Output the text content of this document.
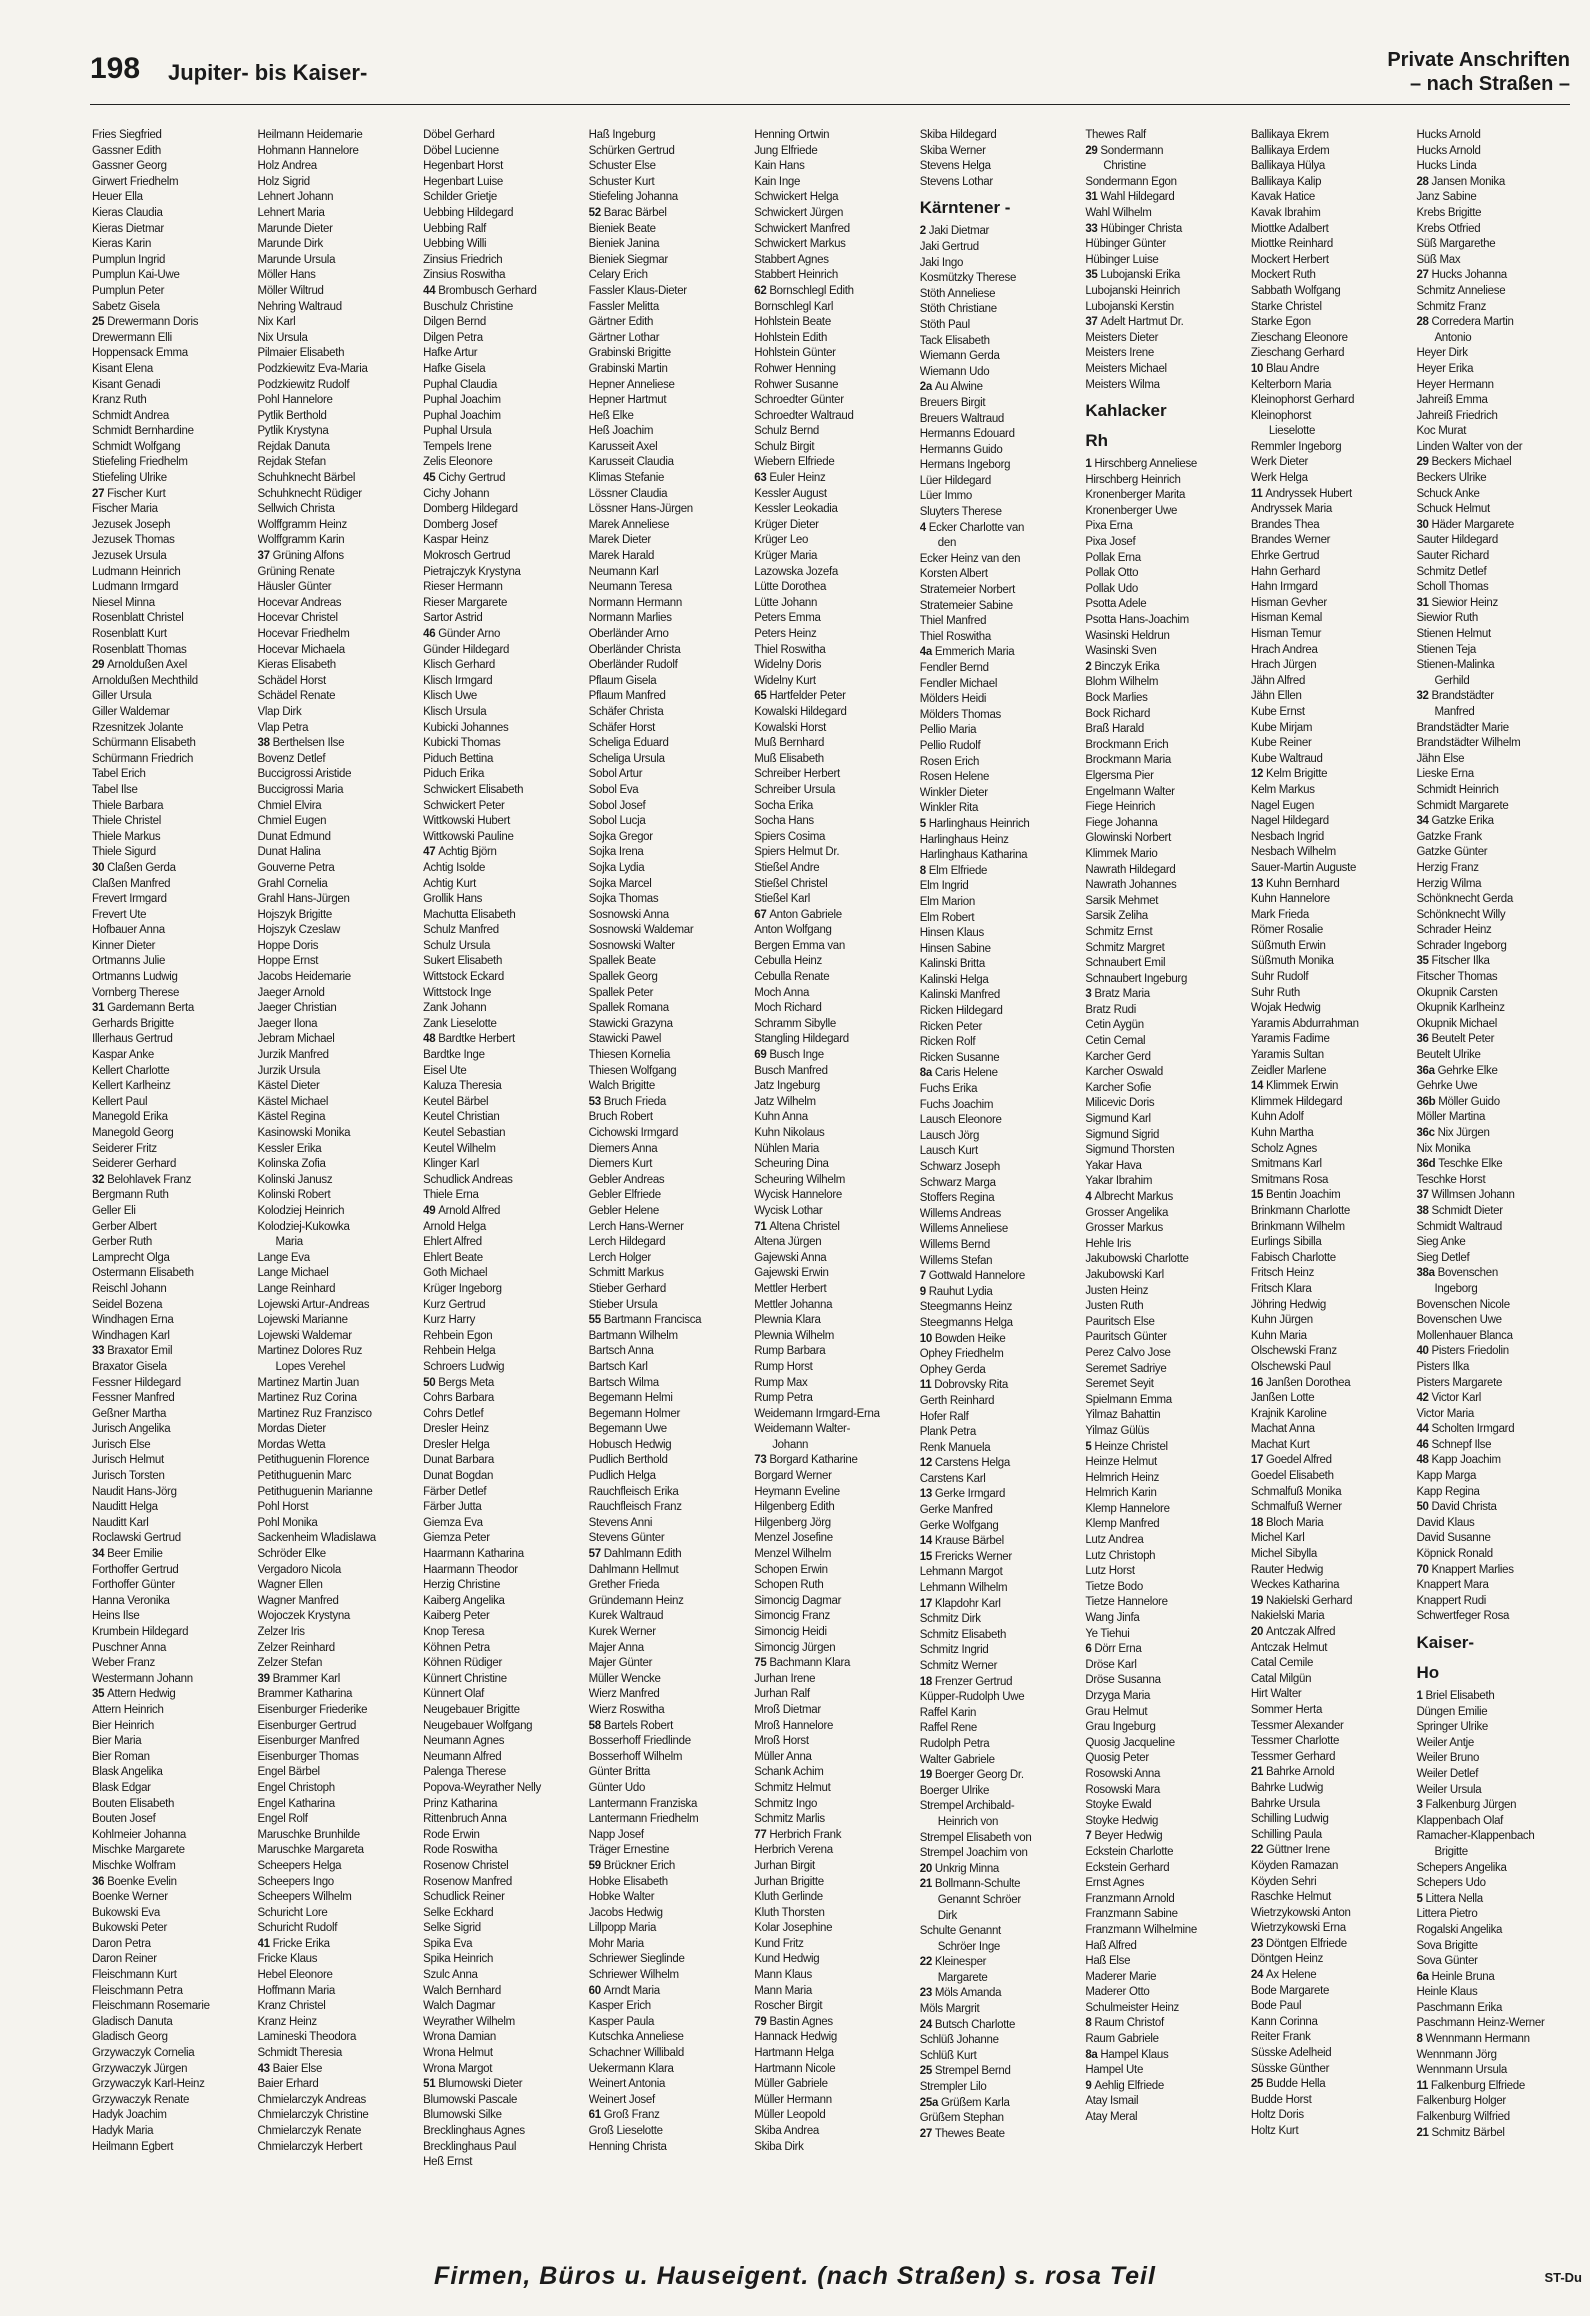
198 Jupiter- bis Kaiser-	Private Anschriften
– nach Straßen –
Fries Siegfried
Gassner Edith
Gassner Georg
Girwert Friedhelm
Heuer Ella
Kieras Claudia
Kieras Dietmar
Kieras Karin
Pumplun Ingrid
Pumplun Kai-Uwe
Pumplun Peter
Sabetz Gisela
25 Drewermann Doris
Drewermann Elli
Hoppensack Emma
Kisant Elena
Kisant Genadi
Kranz Ruth
Schmidt Andrea
Schmidt Bernhardine
Schmidt Wolfgang
Stiefeling Friedhelm
Stiefeling Ulrike
27 Fischer Kurt
Fischer Maria
Jezusek Joseph
Jezusek Thomas
Jezusek Ursula
Ludmann Heinrich
Ludmann Irmgard
Niesel Minna
Rosenblatt Christel
Rosenblatt Kurt
Rosenblatt Thomas
29 Arnoldußen Axel
Arnoldußen Mechthild
Giller Ursula
Giller Waldemar
Rzesnitzek Jolante
Schürmann Elisabeth
Schürmann Friedrich
Tabel Erich
Tabel Ilse
Thiele Barbara
Thiele Christel
Thiele Markus
Thiele Sigurd
30 Claßen Gerda
Claßen Manfred
Frevert Irmgard
Frevert Ute
Hofbauer Anna
Kinner Dieter
Ortmanns Julie
Ortmanns Ludwig
Vornberg Therese
31 Gardemann Berta
Gerhards Brigitte
Illerhaus Gertrud
Kaspar Anke
Kellert Charlotte
Kellert Karlheinz
Kellert Paul
Manegold Erika
Manegold Georg
Seiderer Fritz
Seiderer Gerhard
32 Belohlavek Franz
Bergmann Ruth
Geller Eli
Gerber Albert
Gerber Ruth
Lamprecht Olga
Ostermann Elisabeth
Reischl Johann
Seidel Bozena
Windhagen Erna
Windhagen Karl
33 Braxator Emil
Braxator Gisela
Fessner Hildegard
Fessner Manfred
Geßner Martha
Jurisch Angelika
Jurisch Else
Jurisch Helmut
Jurisch Torsten
Naudit Hans-Jörg
Nauditt Helga
Nauditt Karl
Roclawski Gertrud
34 Beer Emilie
Forthoffer Gertrud
Forthoffer Günter
Hanna Veronika
Heins Ilse
Krumbein Hildegard
Puschner Anna
Weber Franz
Westermann Johann
35 Attern Hedwig
Attern Heinrich
Bier Heinrich
Bier Maria
Bier Roman
Blask Angelika
Blask Edgar
Bouten Elisabeth
Bouten Josef
Kohlmeier Johanna
Mischke Margarete
Mischke Wolfram
36 Boenke Evelin
Boenke Werner
Bukowski Eva
Bukowski Peter
Daron Petra
Daron Reiner
Fleischmann Kurt
Fleischmann Petra
Fleischmann Rosemarie
Gladisch Danuta
Gladisch Georg
Grzywaczyk Cornelia
Grzywaczyk Jürgen
Grzywaczyk Karl-Heinz
Grzywaczyk Renate
Hadyk Joachim
Hadyk Maria
Heilmann Egbert
Heilmann Heidemarie
Hohmann Hannelore
Holz Andrea
Holz Sigrid
Lehnert Johann
Lehnert Maria
Marunde Dieter
Marunde Dirk
Marunde Ursula
Möller Hans
Möller Wiltrud
Nehring Waltraud
Nix Karl
Nix Ursula
Pilmaier Elisabeth
Podzkiewitz Eva-Maria
Podzkiewitz Rudolf
Pohl Hannelore
Pytlik Berthold
Pytlik Krystyna
Rejdak Danuta
Rejdak Stefan
Schuhknecht Bärbel
Schuhknecht Rüdiger
Sellwich Christa
Wolffgramm Heinz
Wolffgramm Karin
37 Grüning Alfons
Grüning Renate
Häusler Günter
Hocevar Andreas
Hocevar Christel
Hocevar Friedhelm
Hocevar Michaela
Kieras Elisabeth
Schädel Horst
Schädel Renate
Vlap Dirk
Vlap Petra
38 Berthelsen Ilse
Bovenz Detlef
Buccigrossi Aristide
Buccigrossi Maria
Chmiel Elvira
Chmiel Eugen
Dunat Edmund
Dunat Halina
Gouverne Petra
Grahl Cornelia
Grahl Hans-Jürgen
Hojszyk Brigitte
Hojszyk Czeslaw
Hoppe Doris
Hoppe Ernst
Jacobs Heidemarie
Jaeger Arnold
Jaeger Christian
Jaeger Ilona
Jebram Michael
Jurzik Manfred
Jurzik Ursula
Kästel Dieter
Kästel Michael
Kästel Regina
Kasinowski Monika
Kessler Erika
Kolinska Zofia
Kolinski Janusz
Kolinski Robert
Kolodziej Heinrich
Kolodziej-Kukowka
Maria
Lange Eva
Lange Michael
Lange Reinhard
Lojewski Artur-Andreas
Lojewski Marianne
Lojewski Waldemar
Martinez Dolores Ruz
Lopes Verehel
Martinez Martin Juan
Martinez Ruz Corina
Martinez Ruz Franzisco
Mordas Dieter
Mordas Wetta
Petithuguenin Florence
Petithuguenin Marc
Petithuguenin Marianne
Pohl Horst
Pohl Monika
Sackenheim Wladislawa
Schröder Elke
Vergadoro Nicola
Wagner Ellen
Wagner Manfred
Wojoczek Krystyna
Zelzer Iris
Zelzer Reinhard
Zelzer Stefan
39 Brammer Karl
Brammer Katharina
Eisenburger Friederike
Eisenburger Gertrud
Eisenburger Manfred
Eisenburger Thomas
Engel Bärbel
Engel Christoph
Engel Katharina
Engel Rolf
Maruschke Brunhilde
Maruschke Margareta
Scheepers Helga
Scheepers Ingo
Scheepers Wilhelm
Schuricht Lore
Schuricht Rudolf
41 Fricke Erika
Fricke Klaus
Hebel Eleonore
Hoffmann Maria
Kranz Christel
Kranz Heinz
Lamineski Theodora
Schmidt Theresia
43 Baier Else
Baier Erhard
Chmielarczyk Andreas
Chmielarczyk Christine
Chmielarczyk Renate
Chmielarczyk Herbert
Döbel Gerhard
Döbel Lucienne
Hegenbart Horst
Hegenbart Luise
Schilder Grietje
Uebbing Hildegard
Uebbing Ralf
Uebbing Willi
Zinsius Friedrich
Zinsius Roswitha
44 Brombusch Gerhard
Buschulz Christine
Dilgen Bernd
Dilgen Petra
Hafke Artur
Hafke Gisela
Puphal Claudia
Puphal Joachim
Puphal Joachim
Puphal Ursula
Tempels Irene
Zelis Eleonore
45 Cichy Gertrud
Cichy Johann
Domberg Hildegard
Domberg Josef
Kaspar Heinz
Mokrosch Gertrud
Pietrajczyk Krystyna
Rieser Hermann
Rieser Margarete
Sartor Astrid
46 Günder Arno
Günder Hildegard
Klisch Gerhard
Klisch Irmgard
Klisch Uwe
Klisch Ursula
Kubicki Johannes
Kubicki Thomas
Piduch Bettina
Piduch Erika
Schwickert Elisabeth
Schwickert Peter
Wittkowski Hubert
Wittkowski Pauline
47 Achtig Björn
Achtig Isolde
Achtig Kurt
Grollik Hans
Machutta Elisabeth
Schulz Manfred
Schulz Ursula
Sukert Elisabeth
Wittstock Eckard
Wittstock Inge
Zank Johann
Zank Lieselotte
48 Bardtke Herbert
Bardtke Inge
Eisel Ute
Kaluza Theresia
Keutel Bärbel
Keutel Christian
Keutel Sebastian
Keutel Wilhelm
Klinger Karl
Schudlick Andreas
Thiele Erna
49 Arnold Alfred
Arnold Helga
Ehlert Alfred
Ehlert Beate
Goth Michael
Krüger Ingeborg
Kurz Gertrud
Kurz Harry
Rehbein Egon
Rehbein Helga
Schroers Ludwig
50 Bergs Meta
Cohrs Barbara
Cohrs Detlef
Dresler Heinz
Dresler Helga
Dunat Barbara
Dunat Bogdan
Färber Detlef
Färber Jutta
Giemza Eva
Giemza Peter
Haarmann Katharina
Haarmann Theodor
Herzig Christine
Kaiberg Angelika
Kaiberg Peter
Knop Teresa
Köhnen Petra
Köhnen Rüdiger
Künnert Christine
Künnert Olaf
Neugebauer Brigitte
Neugebauer Wolfgang
Neumann Agnes
Neumann Alfred
Palenga Therese
Popova-Weyrather Nelly
Prinz Katharina
Rittenbruch Anna
Rode Erwin
Rode Roswitha
Rosenow Christel
Rosenow Manfred
Schudlick Reiner
Selke Eckhard
Selke Sigrid
Spika Eva
Spika Heinrich
Szulc Anna
Walch Bernhard
Walch Dagmar
Weyrather Wilhelm
Wrona Damian
Wrona Helmut
Wrona Margot
51 Blumowski Dieter
Blumowski Pascale
Blumowski Silke
Brecklinghaus Agnes
Brecklinghaus Paul
Heß Ernst
Haß Ingeburg
Schürken Gertrud
Schuster Else
Schuster Kurt
Stiefeling Johanna
52 Barac Bärbel
Bieniek Beate
Bieniek Janina
Bieniek Siegmar
Celary Erich
Fassler Klaus-Dieter
Fassler Melitta
Gärtner Edith
Gärtner Lothar
Grabinski Brigitte
Grabinski Martin
Hepner Anneliese
Hepner Hartmut
Heß Elke
Heß Joachim
Karusseit Axel
Karusseit Claudia
Klimas Stefanie
Lössner Claudia
Lössner Hans-Jürgen
Marek Anneliese
Marek Dieter
Marek Harald
Neumann Karl
Neumann Teresa
Normann Hermann
Normann Marlies
Oberländer Arno
Oberländer Christa
Oberländer Rudolf
Pflaum Gisela
Pflaum Manfred
Schäfer Christa
Schäfer Horst
Scheliga Eduard
Scheliga Ursula
Sobol Artur
Sobol Eva
Sobol Josef
Sobol Lucja
Sojka Gregor
Sojka Irena
Sojka Lydia
Sojka Marcel
Sojka Thomas
Sosnowski Anna
Sosnowski Waldemar
Sosnowski Walter
Spallek Beate
Spallek Georg
Spallek Peter
Spallek Romana
Stawicki Grazyna
Stawicki Pawel
Thiesen Kornelia
Thiesen Wolfgang
Walch Brigitte
53 Bruch Frieda
Bruch Robert
Cichowski Irmgard
Diemers Anna
Diemers Kurt
Gebler Andreas
Gebler Elfriede
Gebler Helene
Lerch Hans-Werner
Lerch Hildegard
Lerch Holger
Schmitt Markus
Stieber Gerhard
Stieber Ursula
55 Bartmann Francisca
Bartmann Wilhelm
Bartsch Anna
Bartsch Karl
Bartsch Wilma
Begemann Helmi
Begemann Holmer
Begemann Uwe
Hobusch Hedwig
Pudlich Berthold
Pudlich Helga
Rauchfleisch Erika
Rauchfleisch Franz
Stevens Anni
Stevens Günter
57 Dahlmann Edith
Dahlmann Hellmut
Grether Frieda
Gründemann Heinz
Kurek Waltraud
Kurek Werner
Majer Anna
Majer Günter
Müller Wencke
Wierz Manfred
Wierz Roswitha
58 Bartels Robert
Bosserhoff Friedlinde
Bosserhoff Wilhelm
Günter Britta
Günter Udo
Lantermann Franziska
Lantermann Friedhelm
Napp Josef
Träger Ernestine
59 Brückner Erich
Hobke Elisabeth
Hobke Walter
Jacobs Hedwig
Lillpopp Maria
Mohr Maria
Schriewer Sieglinde
Schriewer Wilhelm
60 Arndt Maria
Kasper Erich
Kasper Paula
Kutschka Anneliese
Schachner Willibald
Uekermann Klara
Weinert Antonia
Weinert Josef
61 Groß Franz
Groß Lieselotte
Henning Christa
Henning Ortwin
Jung Elfriede
Kain Hans
Kain Inge
Schwickert Helga
Schwickert Jürgen
Schwickert Manfred
Schwickert Markus
Stabbert Agnes
Stabbert Heinrich
62 Bornschlegl Edith
Bornschlegl Karl
Hohlstein Beate
Hohlstein Edith
Hohlstein Günter
Rohwer Henning
Rohwer Susanne
Schroedter Günter
Schroedter Waltraud
Schulz Bernd
Schulz Birgit
Wiebern Elfriede
63 Euler Heinz
Kessler August
Kessler Leokadia
Krüger Dieter
Krüger Leo
Krüger Maria
Lazowska Jozefa
Lütte Dorothea
Lütte Johann
Peters Emma
Peters Heinz
Thiel Roswitha
Widelny Doris
Widelny Kurt
65 Hartfelder Peter
Kowalski Hildegard
Kowalski Horst
Muß Bernhard
Muß Elisabeth
Schreiber Herbert
Schreiber Ursula
Socha Erika
Socha Hans
Spiers Cosima
Spiers Helmut Dr.
Stießel Andre
Stießel Christel
Stießel Karl
67 Anton Gabriele
Anton Wolfgang
Bergen Emma van
Cebulla Heinz
Cebulla Renate
Moch Anna
Moch Richard
Schramm Sibylle
Stangling Hildegard
69 Busch Inge
Busch Manfred
Jatz Ingeburg
Jatz Wilhelm
Kuhn Anna
Kuhn Nikolaus
Nühlen Maria
Scheuring Dina
Scheuring Wilhelm
Wycisk Hannelore
Wycisk Lothar
71 Altena Christel
Altena Jürgen
Gajewski Anna
Gajewski Erwin
Mettler Herbert
Mettler Johanna
Plewnia Klara
Plewnia Wilhelm
Rump Barbara
Rump Horst
Rump Max
Rump Petra
Weidemann Irmgard-Erna
Weidemann Walter-
Johann
73 Borgard Katharine
Borgard Werner
Heymann Eveline
Hilgenberg Edith
Hilgenberg Jörg
Menzel Josefine
Menzel Wilhelm
Schopen Erwin
Schopen Ruth
Simoncig Dagmar
Simoncig Franz
Simoncig Heidi
Simoncig Jürgen
75 Bachmann Klara
Jurhan Irene
Jurhan Ralf
Mroß Dietmar
Mroß Hannelore
Mroß Horst
Müller Anna
Schank Achim
Schmitz Helmut
Schmitz Ingo
Schmitz Marlis
77 Herbrich Frank
Herbrich Verena
Jurhan Birgit
Jurhan Brigitte
Kluth Gerlinde
Kluth Thorsten
Kolar Josephine
Kund Fritz
Kund Hedwig
Mann Klaus
Mann Maria
Roscher Birgit
79 Bastin Agnes
Hannack Hedwig
Hartmann Helga
Hartmann Nicole
Müller Gabriele
Müller Hermann
Müller Leopold
Skiba Andrea
Skiba Dirk
Skiba Hildegard
Skiba Werner
Stevens Helga
Stevens Lothar
Kärntener -
2 Jaki Dietmar
Jaki Gertrud
Jaki Ingo
Kosmützky Therese
Stöth Anneliese
Stöth Christiane
Stöth Paul
Tack Elisabeth
Wiemann Gerda
Wiemann Udo
2a Au Alwine
Breuers Birgit
Breuers Waltraud
Hermanns Edouard
Hermanns Guido
Hermans Ingeborg
Lüer Hildegard
Lüer Immo
Sluyters Therese
4 Ecker Charlotte van
den
Ecker Heinz van den
Korsten Albert
Stratemeier Norbert
Stratemeier Sabine
Thiel Manfred
Thiel Roswitha
4a Emmerich Maria
Fendler Bernd
Fendler Michael
Mölders Heidi
Mölders Thomas
Pellio Maria
Pellio Rudolf
Rosen Erich
Rosen Helene
Winkler Dieter
Winkler Rita
5 Harlinghaus Heinrich
Harlinghaus Heinz
Harlinghaus Katharina
8 Elm Elfriede
Elm Ingrid
Elm Marion
Elm Robert
Hinsen Klaus
Hinsen Sabine
Kalinski Britta
Kalinski Helga
Kalinski Manfred
Ricken Hildegard
Ricken Peter
Ricken Rolf
Ricken Susanne
8a Caris Helene
Fuchs Erika
Fuchs Joachim
Lausch Eleonore
Lausch Jörg
Lausch Kurt
Schwarz Joseph
Schwarz Marga
Stoffers Regina
Willems Andreas
Willems Anneliese
Willems Bernd
Willems Stefan
7 Gottwald Hannelore
9 Rauhut Lydia
Steegmanns Heinz
Steegmanns Helga
10 Bowden Heike
Ophey Friedhelm
Ophey Gerda
11 Dobrovsky Rita
Gerth Reinhard
Hofer Ralf
Plank Petra
Renk Manuela
12 Carstens Helga
Carstens Karl
13 Gerke Irmgard
Gerke Manfred
Gerke Wolfgang
14 Krause Bärbel
15 Frericks Werner
Lehmann Margot
Lehmann Wilhelm
17 Klapdohr Karl
Schmitz Dirk
Schmitz Elisabeth
Schmitz Ingrid
Schmitz Werner
18 Frenzer Gertrud
Küpper-Rudolph Uwe
Raffel Karin
Raffel Rene
Rudolph Petra
Walter Gabriele
19 Boerger Georg Dr.
Boerger Ulrike
Strempel Archibald-
Heinrich von
Strempel Elisabeth von
Strempel Joachim von
20 Unkrig Minna
21 Bollmann-Schulte
Genannt Schröer
Dirk
Schulte Genannt
Schröer Inge
22 Kleinesper
Margarete
23 Möls Amanda
Möls Margrit
24 Butsch Charlotte
Schlüß Johanne
Schlüß Kurt
25 Strempel Bernd
Strempler Lilo
25a Grüßem Karla
Grüßem Stephan
27 Thewes Beate
Thewes Ralf
29 Sondermann
Christine
Sondermann Egon
31 Wahl Hildegard
Wahl Wilhelm
33 Hübinger Christa
Hübinger Günter
Hübinger Luise
35 Lubojanski Erika
Lubojanski Heinrich
Lubojanski Kerstin
37 Adelt Hartmut Dr.
Meisters Dieter
Meisters Irene
Meisters Michael
Meisters Wilma
Kahlacker
Rh
1 Hirschberg Anneliese
Hirschberg Heinrich
Kronenberger Marita
Kronenberger Uwe
Pixa Erna
Pixa Josef
Pollak Erna
Pollak Otto
Pollak Udo
Psotta Adele
Psotta Hans-Joachim
Wasinski Heldrun
Wasinski Sven
2 Binczyk Erika
Blohm Wilhelm
Bock Marlies
Bock Richard
Braß Harald
Brockmann Erich
Brockmann Maria
Elgersma Pier
Engelmann Walter
Fiege Heinrich
Fiege Johanna
Glowinski Norbert
Klimmek Mario
Nawrath Hildegard
Nawrath Johannes
Sarsik Mehmet
Sarsik Zeliha
Schmitz Ernst
Schmitz Margret
Schnaubert Emil
Schnaubert Ingeburg
3 Bratz Maria
Bratz Rudi
Cetin Aygün
Cetin Cemal
Karcher Gerd
Karcher Oswald
Karcher Sofie
Milicevic Doris
Sigmund Karl
Sigmund Sigrid
Sigmund Thorsten
Yakar Hava
Yakar Ibrahim
4 Albrecht Markus
Grosser Angelika
Grosser Markus
Hehle Iris
Jakubowski Charlotte
Jakubowski Karl
Justen Heinz
Justen Ruth
Pauritsch Else
Pauritsch Günter
Perez Calvo Jose
Seremet Sadriye
Seremet Seyit
Spielmann Emma
Yilmaz Bahattin
Yilmaz Gülüs
5 Heinze Christel
Heinze Helmut
Helmrich Heinz
Helmrich Karin
Klemp Hannelore
Klemp Manfred
Lutz Andrea
Lutz Christoph
Lutz Horst
Tietze Bodo
Tietze Hannelore
Wang Jinfa
Ye Tiehui
6 Dörr Erna
Dröse Karl
Dröse Susanna
Drzyga Maria
Grau Helmut
Grau Ingeburg
Quosig Jacqueline
Quosig Peter
Rosowski Anna
Rosowski Mara
Stoyke Ewald
Stoyke Hedwig
7 Beyer Hedwig
Eckstein Charlotte
Eckstein Gerhard
Ernst Agnes
Franzmann Arnold
Franzmann Sabine
Franzmann Wilhelmine
Haß Alfred
Haß Else
Maderer Marie
Maderer Otto
Schulmeister Heinz
8 Raum Christof
Raum Gabriele
8a Hampel Klaus
Hampel Ute
9 Aehlig Elfriede
Atay Ismail
Atay Meral
Ballikaya Ekrem
Ballikaya Erdem
Ballikaya Hülya
Ballikaya Kalip
Kavak Hatice
Kavak Ibrahim
Miottke Adalbert
Miottke Reinhard
Mockert Herbert
Mockert Ruth
Sabbath Wolfgang
Starke Christel
Starke Egon
Zieschang Eleonore
Zieschang Gerhard
10 Blau Andre
Kelterborn Maria
Kleinophorst Gerhard
Kleinophorst
Lieselotte
Remmler Ingeborg
Werk Dieter
Werk Helga
11 Andryssek Hubert
Andryssek Maria
Brandes Thea
Brandes Werner
Ehrke Gertrud
Hahn Gerhard
Hahn Irmgard
Hisman Gevher
Hisman Kemal
Hisman Temur
Hrach Andrea
Hrach Jürgen
Jähn Alfred
Jähn Ellen
Kube Ernst
Kube Mirjam
Kube Reiner
Kube Waltraud
12 Kelm Brigitte
Kelm Markus
Nagel Eugen
Nagel Hildegard
Nesbach Ingrid
Nesbach Wilhelm
Sauer-Martin Auguste
13 Kuhn Bernhard
Kuhn Hannelore
Mark Frieda
Römer Rosalie
Süßmuth Erwin
Süßmuth Monika
Suhr Rudolf
Suhr Ruth
Wojak Hedwig
Yaramis Abdurrahman
Yaramis Fadime
Yaramis Sultan
Zeidler Marlene
14 Klimmek Erwin
Klimmek Hildegard
Kuhn Adolf
Kuhn Martha
Scholz Agnes
Smitmans Karl
Smitmans Rosa
15 Bentin Joachim
Brinkmann Charlotte
Brinkmann Wilhelm
Eurlings Sibilla
Fabisch Charlotte
Fritsch Heinz
Fritsch Klara
Jöhring Hedwig
Kuhn Jürgen
Kuhn Maria
Olschewski Franz
Olschewski Paul
16 Janßen Dorothea
Janßen Lotte
Krajnik Karoline
Machat Anna
Machat Kurt
17 Goedel Alfred
Goedel Elisabeth
Schmalfuß Monika
Schmalfuß Werner
18 Bloch Maria
Michel Karl
Michel Sibylla
Rauter Hedwig
Weckes Katharina
19 Nakielski Gerhard
Nakielski Maria
20 Antczak Alfred
Antczak Helmut
Catal Cemile
Catal Milgün
Hirt Walter
Sommer Herta
Tessmer Alexander
Tessmer Charlotte
Tessmer Gerhard
21 Bahrke Arnold
Bahrke Ludwig
Bahrke Ursula
Schilling Ludwig
Schilling Paula
22 Güttner Irene
Köyden Ramazan
Köyden Sehri
Raschke Helmut
Wietrzykowski Anton
Wietrzykowski Erna
23 Döntgen Elfriede
Döntgen Heinz
24 Ax Helene
Bode Margarete
Bode Paul
Kann Corinna
Reiter Frank
Süsske Adelheid
Süsske Günther
25 Budde Hella
Budde Horst
Holtz Doris
Holtz Kurt
Hucks Arnold
Hucks Arnold
Hucks Linda
28 Jansen Monika
Janz Sabine
Krebs Brigitte
Krebs Otfried
Süß Margarethe
Süß Max
27 Hucks Johanna
Schmitz Anneliese
Schmitz Franz
28 Corredera Martin
Antonio
Heyer Dirk
Heyer Erika
Heyer Hermann
Jahreiß Emma
Jahreiß Friedrich
Koc Murat
Linden Walter von der
29 Beckers Michael
Beckers Ulrike
Schuck Anke
Schuck Helmut
30 Häder Margarete
Sauter Hildegard
Sauter Richard
Schmitz Detlef
Scholl Thomas
31 Siewior Heinz
Siewior Ruth
Stienen Helmut
Stienen Teja
Stienen-Malinka
Gerhild
32 Brandstädter
Manfred
Brandstädter Marie
Brandstädter Wilhelm
Jähn Else
Lieske Erna
Schmidt Heinrich
Schmidt Margarete
34 Gatzke Erika
Gatzke Frank
Gatzke Günter
Herzig Franz
Herzig Wilma
Schönknecht Gerda
Schönknecht Willy
Schrader Heinz
Schrader Ingeborg
35 Fitscher Ilka
Fitscher Thomas
Okupnik Carsten
Okupnik Karlheinz
Okupnik Michael
36 Beutelt Peter
Beutelt Ulrike
36a Gehrke Elke
Gehrke Uwe
36b Möller Guido
Möller Martina
36c Nix Jürgen
Nix Monika
36d Teschke Elke
Teschke Horst
37 Willmsen Johann
38 Schmidt Dieter
Schmidt Waltraud
Sieg Anke
Sieg Detlef
38a Bovenschen
Ingeborg
Bovenschen Nicole
Bovenschen Uwe
Mollenhauer Blanca
40 Pisters Friedolin
Pisters Ilka
Pisters Margarete
42 Victor Karl
Victor Maria
44 Scholten Irmgard
46 Schnepf Ilse
48 Kapp Joachim
Kapp Marga
Kapp Regina
50 David Christa
David Klaus
David Susanne
Köpnick Ronald
70 Knappert Marlies
Knappert Mara
Knappert Rudi
Schwertfeger Rosa
Kaiser-
Ho
1 Briel Elisabeth
Düngen Emilie
Springer Ulrike
Weiler Antje
Weiler Bruno
Weiler Detlef
Weiler Ursula
3 Falkenburg Jürgen
Klappenbach Olaf
Ramacher-Klappenbach
Brigitte
Schepers Angelika
Schepers Udo
5 Littera Nella
Littera Pietro
Rogalski Angelika
Sova Brigitte
Sova Günter
6a Heinle Bruna
Heinle Klaus
Paschmann Erika
Paschmann Heinz-Werner
8 Wennmann Hermann
Wennmann Jörg
Wennmann Ursula
11 Falkenburg Elfriede
Falkenburg Holger
Falkenburg Wilfried
21 Schmitz Bärbel
Firmen, Büros u. Hauseigent. (nach Straßen) s. rosa Teil	ST-Du
